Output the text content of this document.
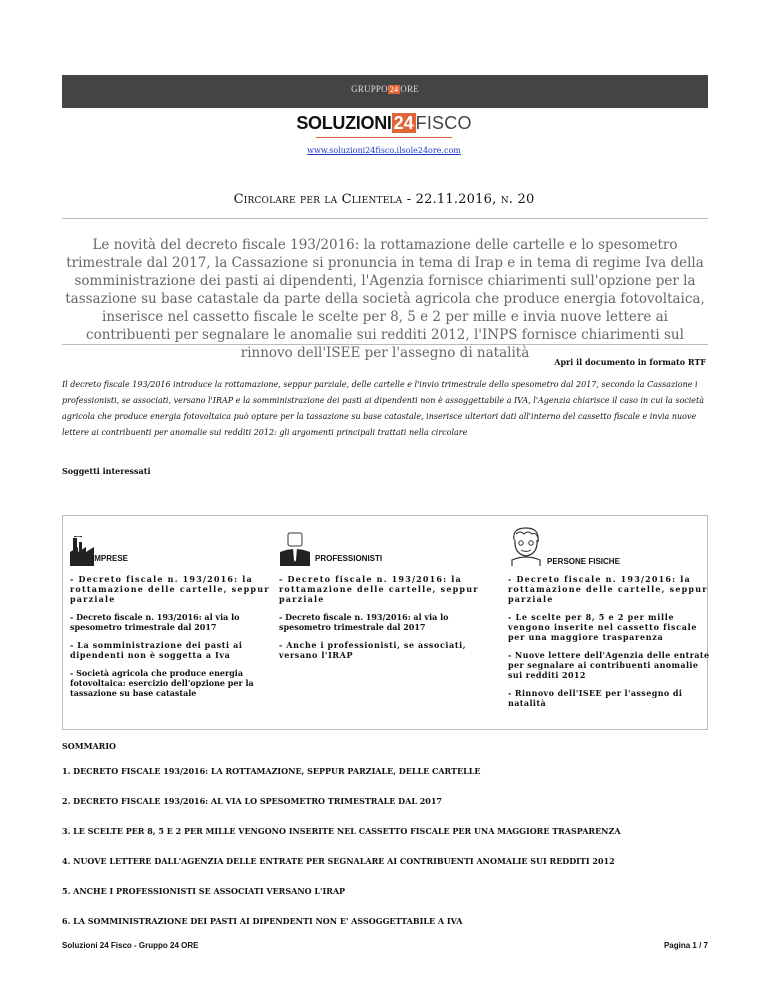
GRUPPO 24 ORE
SOLUZIONI 24 FISCO
www.soluzioni24fisco.ilsole24ore.com
Circolare per la Clientela - 22.11.2016, n. 20
Le novità del decreto fiscale 193/2016: la rottamazione delle cartelle e lo spesometro trimestrale dal 2017, la Cassazione si pronuncia in tema di Irap e in tema di regime Iva della somministrazione dei pasti ai dipendenti, l'Agenzia fornisce chiarimenti sull'opzione per la tassazione su base catastale da parte della società agricola che produce energia fotovoltaica, inserisce nel cassetto fiscale le scelte per 8, 5 e 2 per mille e invia nuove lettere ai contribuenti per segnalare le anomalie sui redditi 2012, l'INPS fornisce chiarimenti sul rinnovo dell'ISEE per l'assegno di natalità
Apri il documento in formato RTF
Il decreto fiscale 193/2016 introduce la rottamazione, seppur parziale, delle cartelle e l'invio trimestrale dello spesometro dal 2017, secondo la Cassazione i professionisti, se associati, versano l'IRAP e la somministrazione dei pasti ai dipendenti non è assoggettabile a IVA, l'Agenzia chiarisce il caso in cui la società agricola che produce energia fotovoltaica può optare per la tassazione su base catastale, inserisce ulteriori dati all'interno del cassetto fiscale e invia nuove lettere ai contribuenti per anomalie sui redditi 2012: gli argomenti principali trattati nella circolare
Soggetti interessati
IMPRESE
- Decreto fiscale n. 193/2016: la rottamazione delle cartelle, seppur parziale
- Decreto fiscale n. 193/2016: al via lo spesometro trimestrale dal 2017
- La somministrazione dei pasti ai dipendenti non è soggetta a Iva
- Società agricola che produce energia fotovoltaica: esercizio dell'opzione per la tassazione su base catastale
PROFESSIONISTI
- Decreto fiscale n. 193/2016: la rottamazione delle cartelle, seppur parziale
- Decreto fiscale n. 193/2016: al via lo spesometro trimestrale dal 2017
- Anche i professionisti, se associati, versano l'IRAP
PERSONE FISICHE
- Decreto fiscale n. 193/2016: la rottamazione delle cartelle, seppur parziale
- Le scelte per 8, 5 e 2 per mille vengono inserite nel cassetto fiscale per una maggiore trasparenza
- Nuove lettere dell'Agenzia delle entrate per segnalare ai contribuenti anomalie sui redditi 2012
- Rinnovo dell'ISEE per l'assegno di natalità
SOMMARIO
1. DECRETO FISCALE 193/2016: LA ROTTAMAZIONE, SEPPUR PARZIALE, DELLE CARTELLE
2. DECRETO FISCALE 193/2016: AL VIA LO SPESOMETRO TRIMESTRALE DAL 2017
3. LE SCELTE PER 8, 5 E 2 PER MILLE VENGONO INSERITE NEL CASSETTO FISCALE PER UNA MAGGIORE TRASPARENZA
4. NUOVE LETTERE DALL'AGENZIA DELLE ENTRATE PER SEGNALARE AI CONTRIBUENTI ANOMALIE SUI REDDITI 2012
5. ANCHE I PROFESSIONISTI SE ASSOCIATI VERSANO L'IRAP
6. LA SOMMINISTRAZIONE DEI PASTI AI DIPENDENTI NON E' ASSOGGETTABILE A IVA
Soluzioni 24 Fisco - Gruppo 24 ORE	Pagina 1 / 7
